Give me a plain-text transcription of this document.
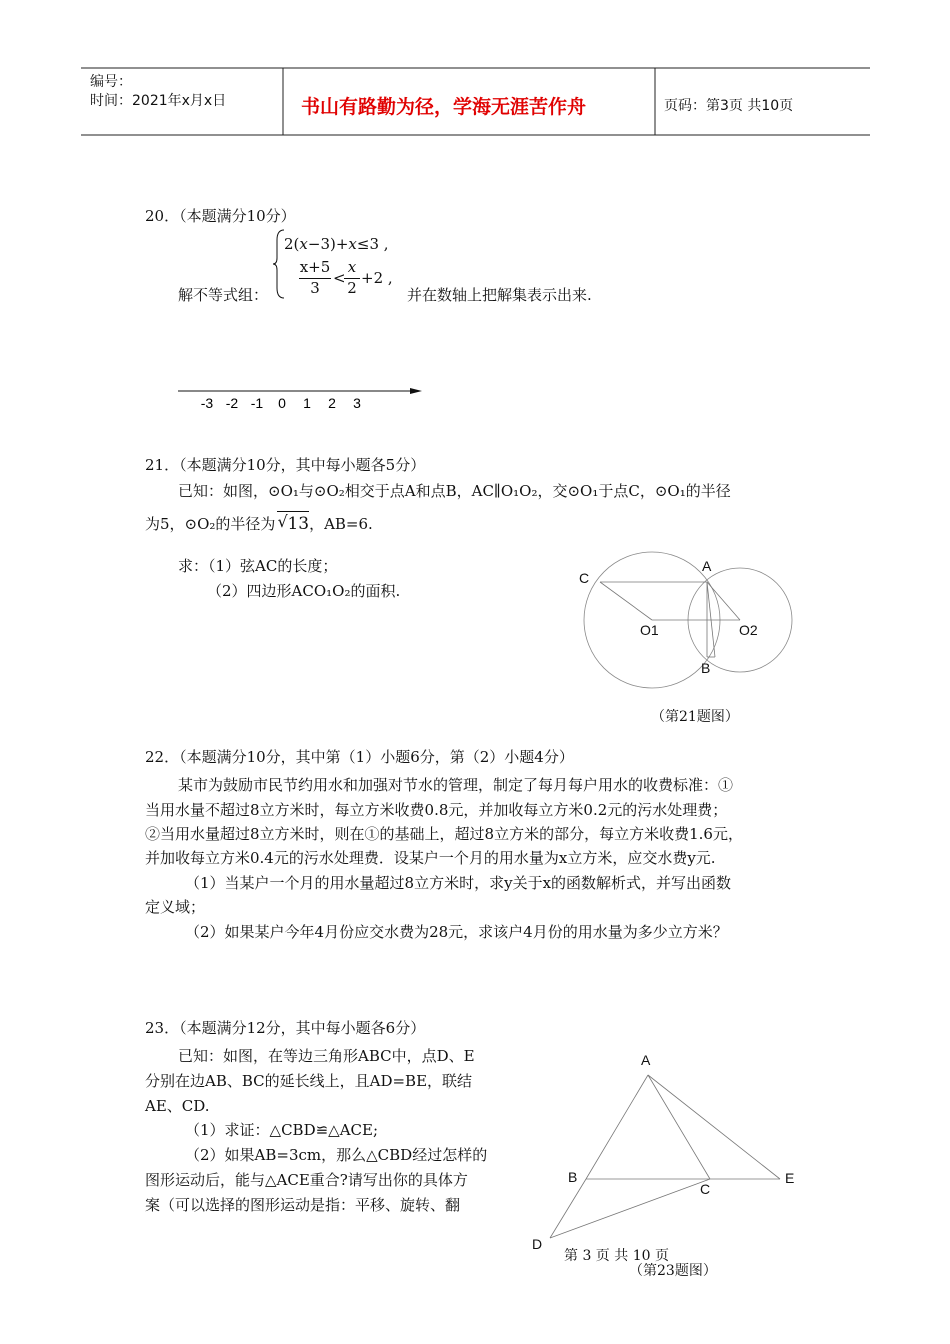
编号：
时间：2021年x月x日	书山有路勤为径，学海无涯苦作舟	页码：第3页 共10页
20．（本题满分10分）
2(x−3)+x≤3 ,
x+5
3
<
x
2
+2 ,
解不等式组：	并在数轴上把解集表示出来.
-3 -2 -1 0 1 2 3
21．（本题满分10分，其中每小题各5分）
已知：如图，⊙O₁与⊙O₂相交于点A和点B，AC∥O₁O₂，交⊙O₁于点C，⊙O₁的半径
为5，⊙O₂的半径为 √ 13，AB=6.
求：（1）弦AC的长度；
（2）四边形ACO₁O₂的面积.
C
A
O1	O2
B
（第21题图）
22．（本题满分10分，其中第（1）小题6分，第（2）小题4分）
某市为鼓励市民节约用水和加强对节水的管理，制定了每月每户用水的收费标准：①
当用水量不超过8立方米时，每立方米收费0.8元，并加收每立方米0.2元的污水处理费；
②当用水量超过8立方米时，则在①的基础上，超过8立方米的部分，每立方米收费1.6元，
并加收每立方米0.4元的污水处理费．设某户一个月的用水量为x立方米，应交水费y元.
（1）当某户一个月的用水量超过8立方米时，求y关于x的函数解析式，并写出函数
定义域；
（2）如果某户今年4月份应交水费为28元，求该户4月份的用水量为多少立方米？
23．（本题满分12分，其中每小题各6分）
已知：如图，在等边三角形ABC中，点D、E
分别在边AB、BC的延长线上，且AD=BE，联结
AE、CD.
（1）求证：△CBD≌△ACE;
（2）如果AB=3cm，那么△CBD经过怎样的
图形运动后，能与△ACE重合?请写出你的具体方
案（可以选择的图形运动是指：平移、旋转、翻
A
B
C
E
D
第 3 页 共 10 页
（第23题图）
